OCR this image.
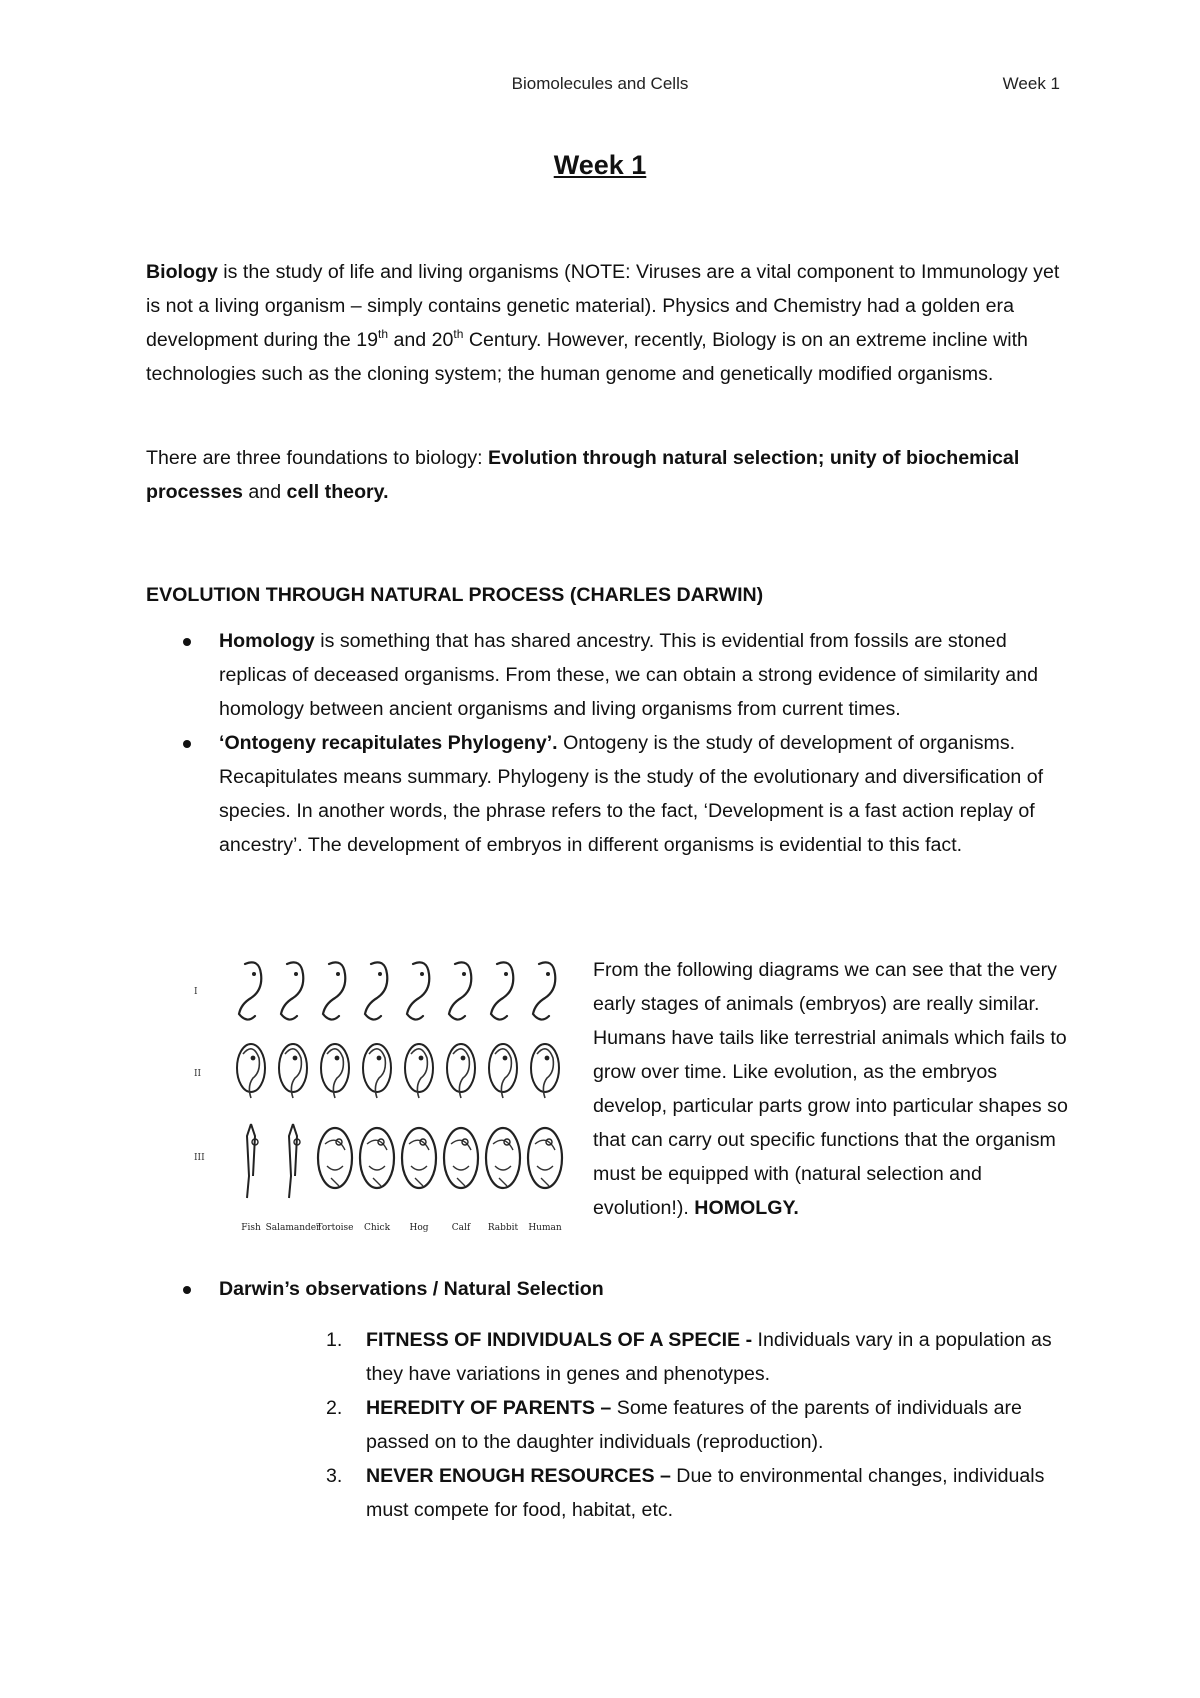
Biomolecules and Cells	Week 1
Week 1

Biology is the study of life and living organisms (NOTE: Viruses are a vital component to Immunology yet is not a living organism – simply contains genetic material). Physics and Chemistry had a golden era development during the 19th and 20th Century. However, recently, Biology is on an extreme incline with technologies such as the cloning system; the human genome and genetically modified organisms.

There are three foundations to biology: Evolution through natural selection; unity of biochemical processes and cell theory.

EVOLUTION THROUGH NATURAL PROCESS (CHARLES DARWIN)
Homology is something that has shared ancestry. This is evidential from fossils are stoned replicas of deceased organisms. From these, we can obtain a strong evidence of similarity and homology between ancient organisms and living organisms from current times.
‘Ontogeny recapitulates Phylogeny’. Ontogeny is the study of development of organisms. Recapitulates means summary. Phylogeny is the study of the evolutionary and diversification of species. In another words, the phrase refers to the fact, ‘Development is a fast action replay of ancestry’. The development of embryos in different organisms is evidential to this fact.
I
II
III
Fish Salamander
Tortoise Chick Hog	Calf Rabbit Human
From the following diagrams we can see that the very early stages of animals (embryos) are really similar. Humans have tails like terrestrial animals which fails to grow over time. Like evolution, as the embryos develop, particular parts grow into particular shapes so that can carry out specific functions that the organism must be equipped with (natural selection and evolution!). HOMOLGY.
Darwin’s observations / Natural Selection
1. FITNESS OF INDIVIDUALS OF A SPECIE - Individuals vary in a population as they have variations in genes and phenotypes.
2. HEREDITY OF PARENTS – Some features of the parents of individuals are passed on to the daughter individuals (reproduction).
3. NEVER ENOUGH RESOURCES – Due to environmental changes, individuals must compete for food, habitat, etc.
